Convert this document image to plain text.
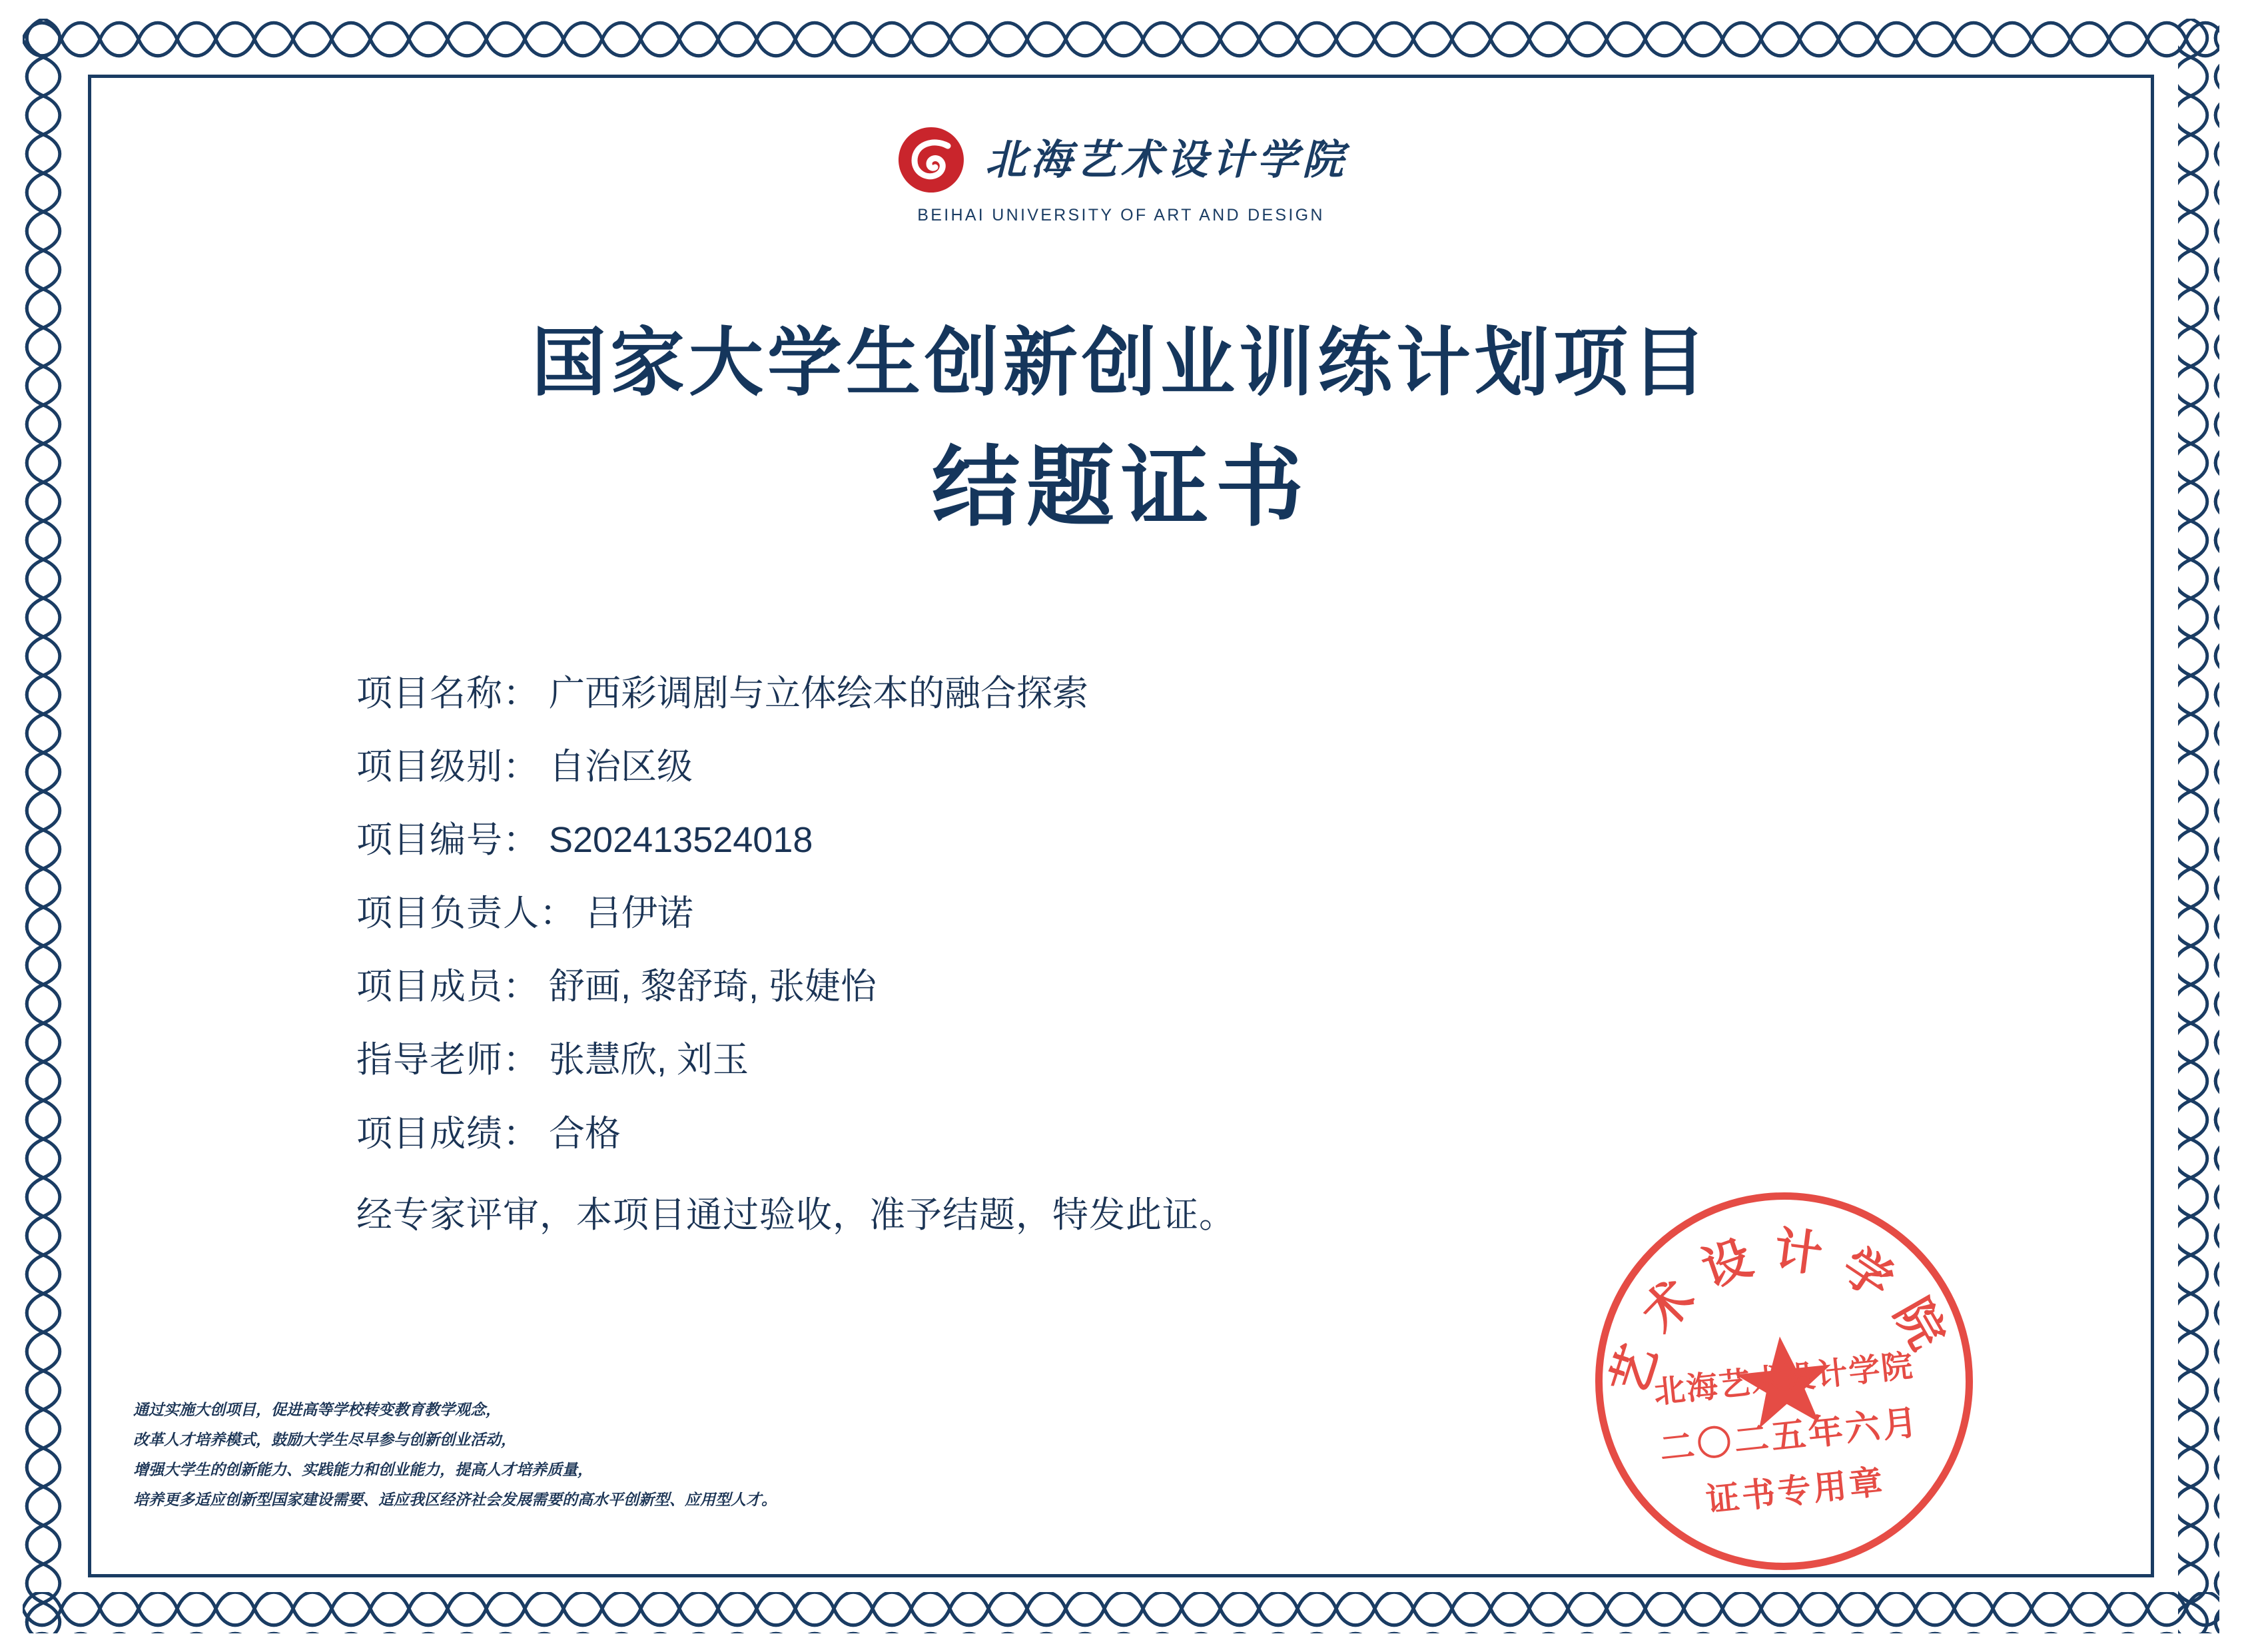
北海艺术设计学院
BEIHAI UNIVERSITY OF ART AND DESIGN
国家大学生创新创业训练计划项目
结题证书
项目名称： 广西彩调剧与立体绘本的融合探索
项目级别： 自治区级
项目编号： S202413524018
项目负责人： 吕伊诺
项目成员： 舒画, 黎舒琦, 张婕怡
指导老师： 张慧欣, 刘玉
项目成绩： 合格
经专家评审，本项目通过验收，准予结题，特发此证。
通过实施大创项目，促进高等学校转变教育教学观念，
改革人才培养模式，鼓励大学生尽早参与创新创业活动，
增强大学生的创新能力、实践能力和创业能力，提高人才培养质量，
培养更多适应创新型国家建设需要、适应我区经济社会发展需要的高水平创新型、应用型人才。
艺术设计学院
北海艺术设计学院
二〇二五年六月
证书专用章
